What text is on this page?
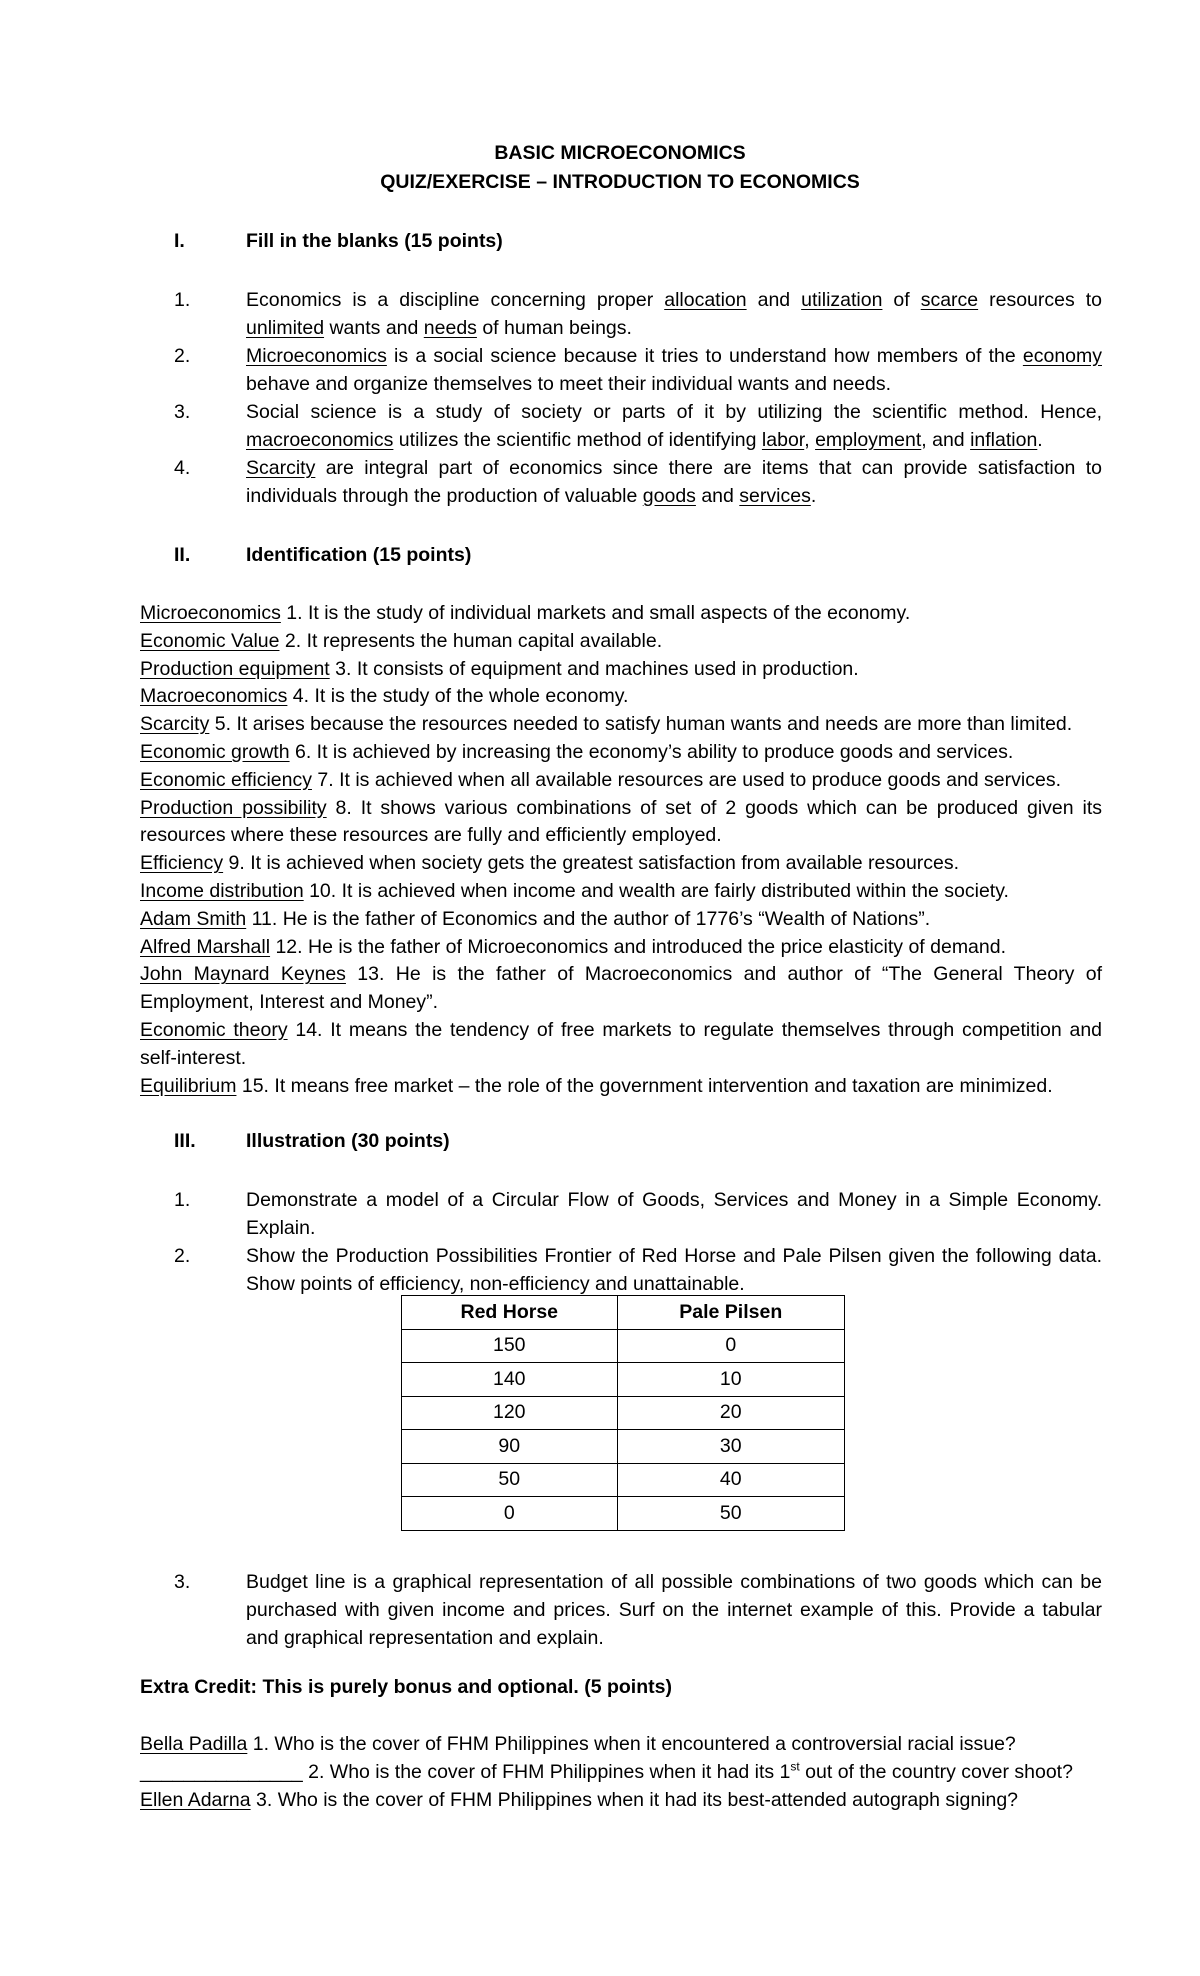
BASIC MICROECONOMICS
QUIZ/EXERCISE – INTRODUCTION TO ECONOMICS
I.	Fill in the blanks (15 points)

1.	Economics is a discipline concerning proper allocation and utilization of scarce resources to unlimited wants and needs of human beings.

2.	Microeconomics is a social science because it tries to understand how members of the economy behave and organize themselves to meet their individual wants and needs.

3.	Social science is a study of society or parts of it by utilizing the scientific method. Hence, macroeconomics utilizes the scientific method of identifying labor, employment, and inflation.

4.	Scarcity are integral part of economics since there are items that can provide satisfaction to individuals through the production of valuable goods and services.

II.	Identification (15 points)

Microeconomics 1. It is the study of individual markets and small aspects of the economy.

Economic Value 2. It represents the human capital available.

Production equipment 3. It consists of equipment and machines used in production.

Macroeconomics 4. It is the study of the whole economy.

Scarcity 5. It arises because the resources needed to satisfy human wants and needs are more than limited.

Economic growth 6. It is achieved by increasing the economy’s ability to produce goods and services.

Economic efficiency 7. It is achieved when all available resources are used to produce goods and services.

Production possibility 8. It shows various combinations of set of 2 goods which can be produced given its resources where these resources are fully and efficiently employed.

Efficiency 9. It is achieved when society gets the greatest satisfaction from available resources.

Income distribution 10. It is achieved when income and wealth are fairly distributed within the society.

Adam Smith 11. He is the father of Economics and the author of 1776’s “Wealth of Nations”.

Alfred Marshall 12. He is the father of Microeconomics and introduced the price elasticity of demand.

John Maynard Keynes 13. He is the father of Macroeconomics and author of “The General Theory of Employment, Interest and Money”.

Economic theory 14. It means the tendency of free markets to regulate themselves through competition and self-interest.

Equilibrium 15. It means free market – the role of the government intervention and taxation are minimized.

III.	Illustration (30 points)

1.	Demonstrate a model of a Circular Flow of Goods, Services and Money in a Simple Economy. Explain.

2.	Show the Production Possibilities Frontier of Red Horse and Pale Pilsen given the following data. Show points of efficiency, non-efficiency and unattainable.

Red Horse	Pale Pilsen
150	0
140	10
120	20
90	30
50	40
0	50

3.	Budget line is a graphical representation of all possible combinations of two goods which can be purchased with given income and prices. Surf on the internet example of this. Provide a tabular and graphical representation and explain.

Extra Credit: This is purely bonus and optional. (5 points)

Bella Padilla 1. Who is the cover of FHM Philippines when it encountered a controversial racial issue?

_______________ 2. Who is the cover of FHM Philippines when it had its 1st out of the country cover shoot?

Ellen Adarna 3. Who is the cover of FHM Philippines when it had its best-attended autograph signing?
